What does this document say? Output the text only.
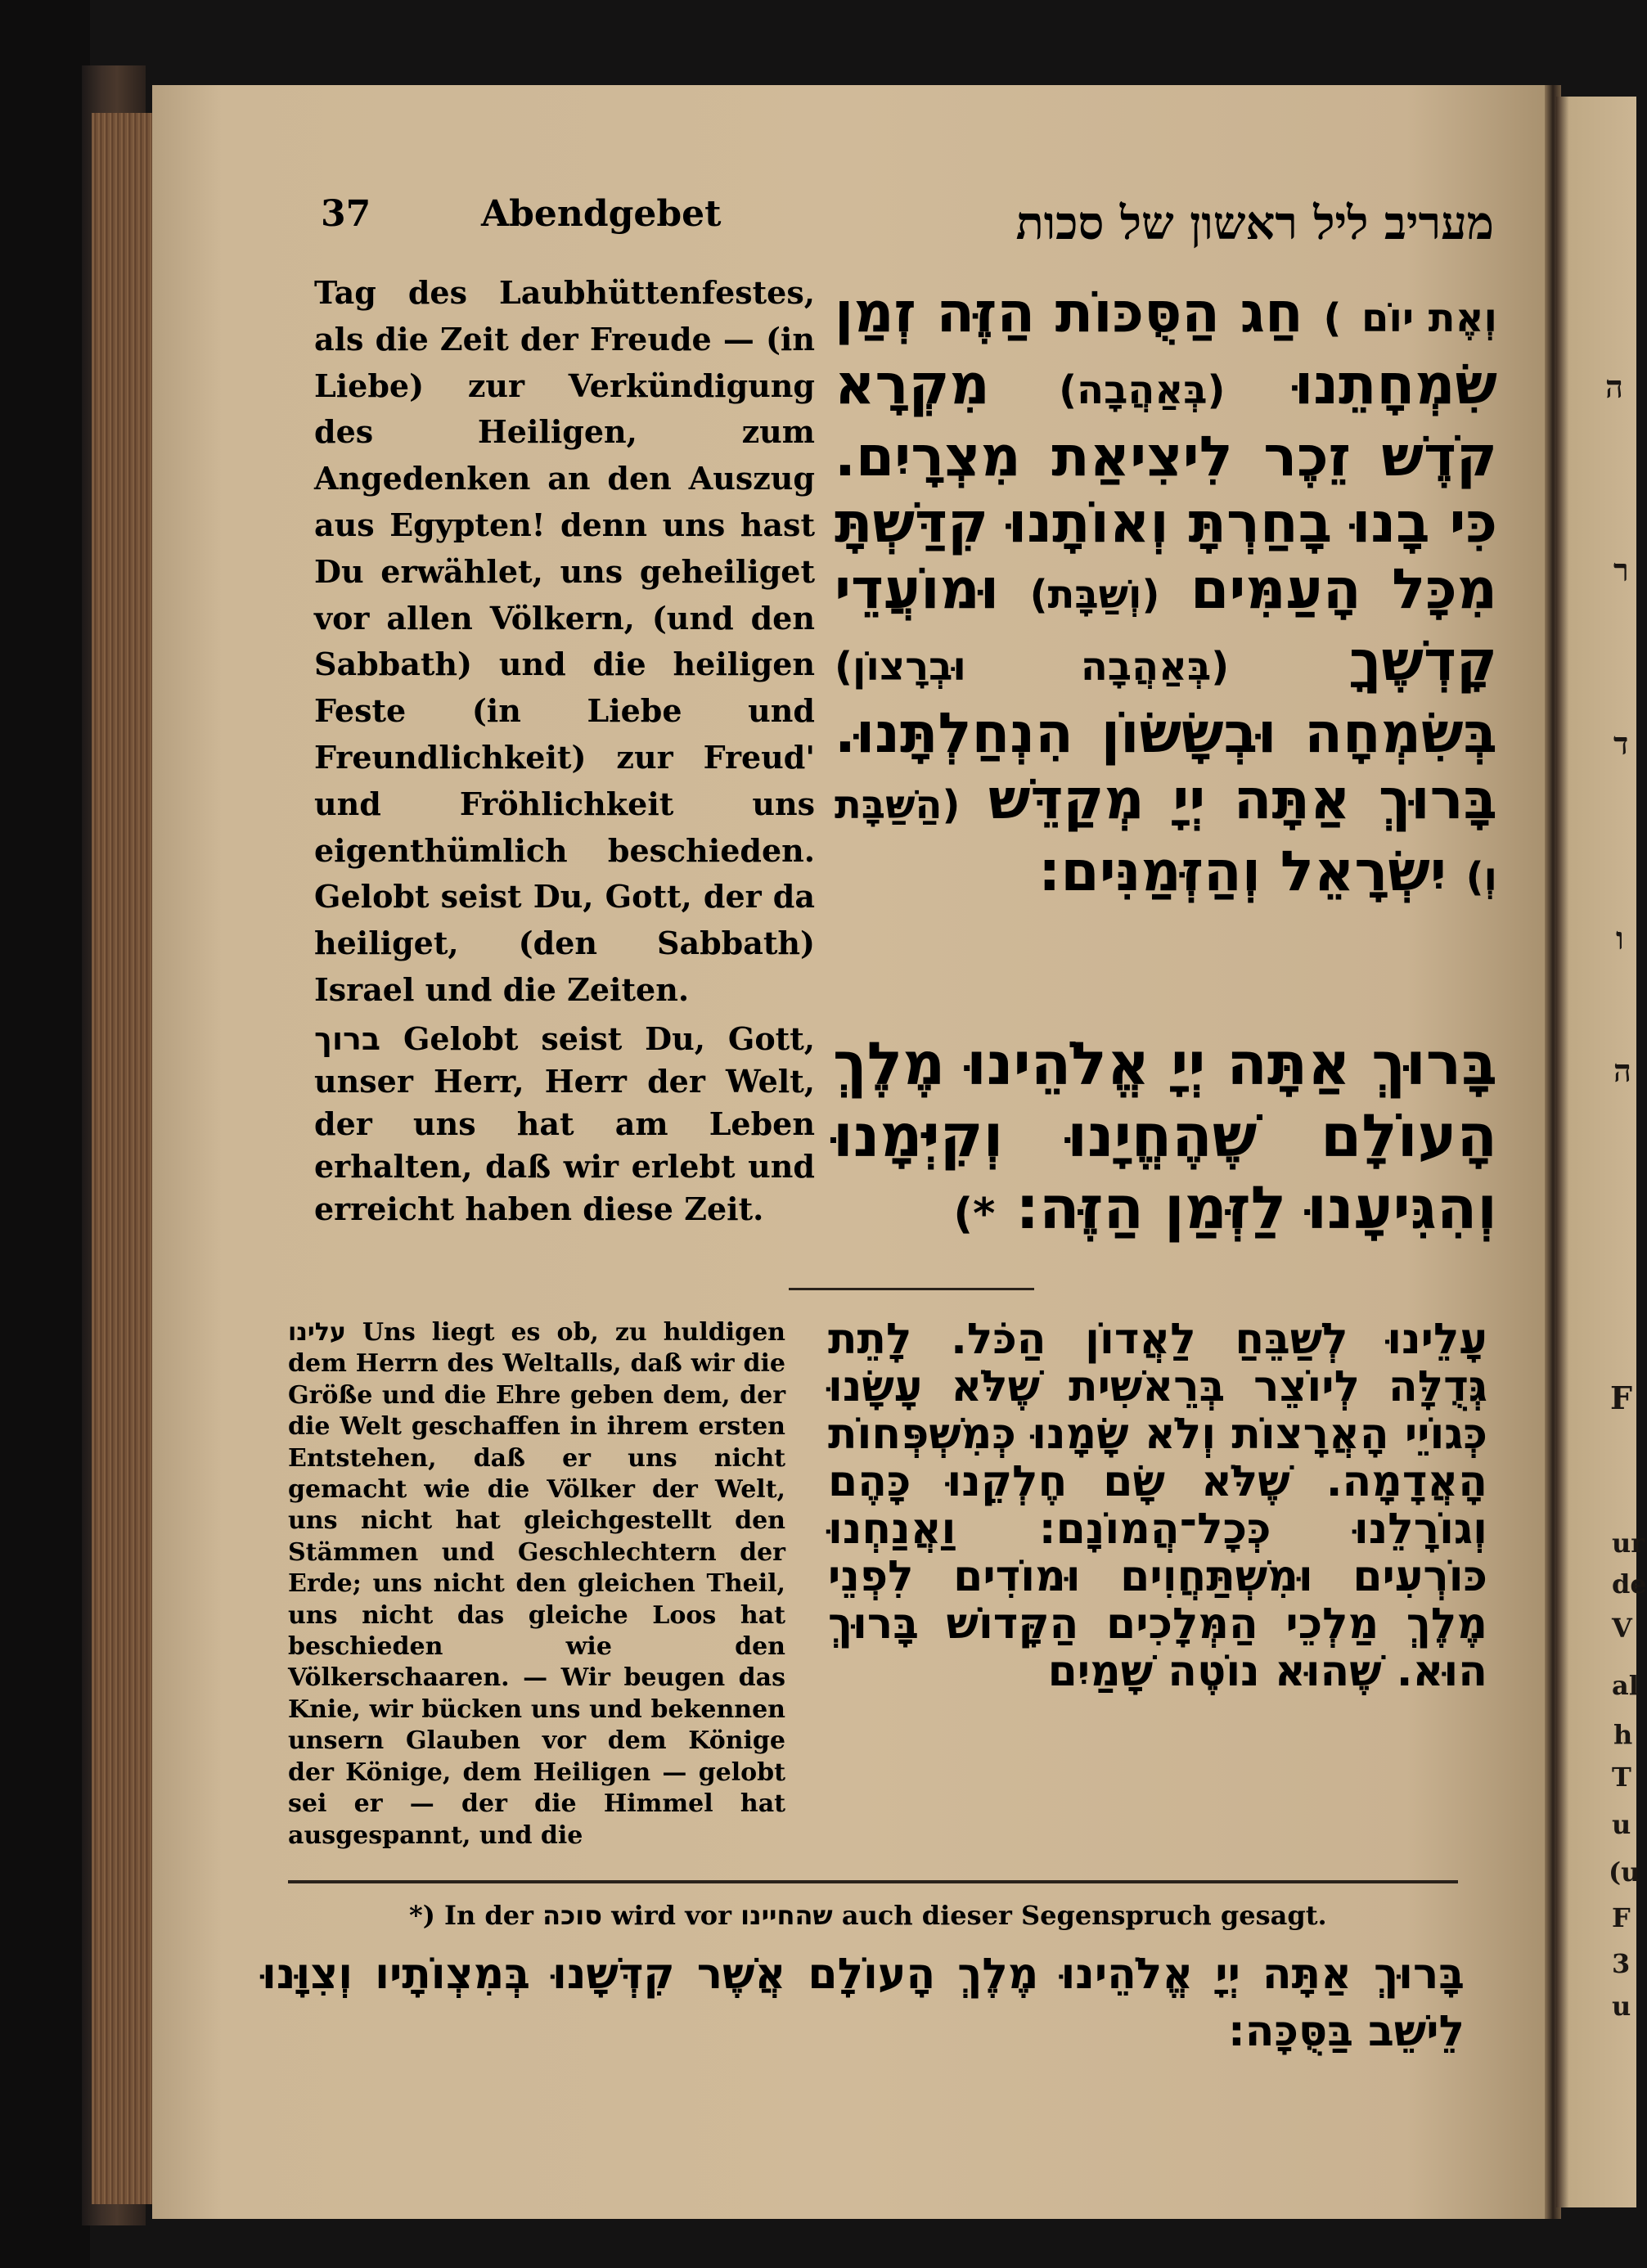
ה
ר
ד
ו
ה
F
ur
de
V
al
h
T
u
(u
F
3
u
37	Abendgebet	מעריב ליל ראשון של סכות
Tag des Laubhüttenfestes, als die Zeit der Freude — (in Liebe) zur Verkündigung des Heiligen, zum Angedenken an den Auszug aus Egypten! denn uns hast Du erwählet, uns geheiliget vor allen Völkern, (und den Sabbath) und die heiligen Feste (in Liebe und Freundlichkeit) zur Freud' und Fröhlichkeit uns eigenthümlich beschieden. Gelobt seist Du, Gott, der da heiliget, (den Sabbath) Israel und die Zeiten.
וְאֶת יוֹם ) חַג הַסֻּכּוֹת הַזֶּה זְמַן שִׂמְחָתֵנוּ (בְּאַהֲבָה) מִקְרָא קֹדֶשׁ זֵכֶר לִיצִיאַת מִצְרָיִם. כִּי בָנוּ בָחַרְתָּ וְאוֹתָנוּ קִדַּשְׁתָּ מִכָּל הָעַמִּים (וְשַׁבָּת) וּמוֹעֲדֵי קָדְשֶׁךָ (בְּאַהֲבָה וּבְרָצוֹן) בְּשִׂמְחָה וּבְשָׂשׂוֹן הִנְחַלְתָּנוּ. בָּרוּךְ אַתָּה יְיָ מְקַדֵּשׁ (הַשַּׁבָּת וְ) יִשְׂרָאֵל וְהַזְּמַנִּים:
ברוך Gelobt seist Du, Gott, unser Herr, Herr der Welt, der uns hat am Leben erhalten, daß wir erlebt und erreicht haben diese Zeit.
בָּרוּךְ אַתָּה יְיָ אֱלֹהֵינוּ מֶלֶךְ הָעוֹלָם שֶׁהֶחֱיָנוּ וְקִיְּמָנוּ וְהִגִּיעָנוּ לַזְּמַן הַזֶּה: *)
עלינו Uns liegt es ob, zu huldigen dem Herrn des Weltalls, daß wir die Größe und die Ehre geben dem, der die Welt geschaffen in ihrem ersten Entstehen, daß er uns nicht gemacht wie die Völker der Welt, uns nicht hat gleichgestellt den Stämmen und Geschlechtern der Erde; uns nicht den gleichen Theil, uns nicht das gleiche Loos hat beschieden wie den Völkerschaaren. — Wir beugen das Knie, wir bücken uns und bekennen unsern Glauben vor dem Könige der Könige, dem Heiligen — gelobt sei er — der die Himmel hat ausgespannt, und die
עָלֵינוּ לְשַׁבֵּחַ לַאֲדוֹן הַכֹּל. לָתֵת גְּדֻלָּה לְיוֹצֵר בְּרֵאשִׁית שֶׁלֹּא עָשָׂנוּ כְּגוֹיֵי הָאֲרָצוֹת וְלֹא שָׂמָנוּ כְּמִשְׁפְּחוֹת הָאֲדָמָה. שֶׁלֹּא שָׂם חֶלְקֵנוּ כָּהֶם וְגוֹרָלֵנוּ כְּכָל־הֲמוֹנָם: וַאֲנַחְנוּ כּוֹרְעִים וּמִשְׁתַּחֲוִים וּמוֹדִים לִפְנֵי מֶלֶךְ מַלְכֵי הַמְּלָכִים הַקָּדוֹשׁ בָּרוּךְ הוּא. שֶׁהוּא נוֹטֶה שָׁמַיִם
*) In der סוכה wird vor שהחיינו auch dieser Segenspruch gesagt.
בָּרוּךְ אַתָּה יְיָ אֱלֹהֵינוּ מֶלֶךְ הָעוֹלָם אֲשֶׁר קִדְּשָׁנוּ בְּמִצְוֹתָיו וְצִוָּנוּ לֵישֵׁב בַּסֻּכָּה:
